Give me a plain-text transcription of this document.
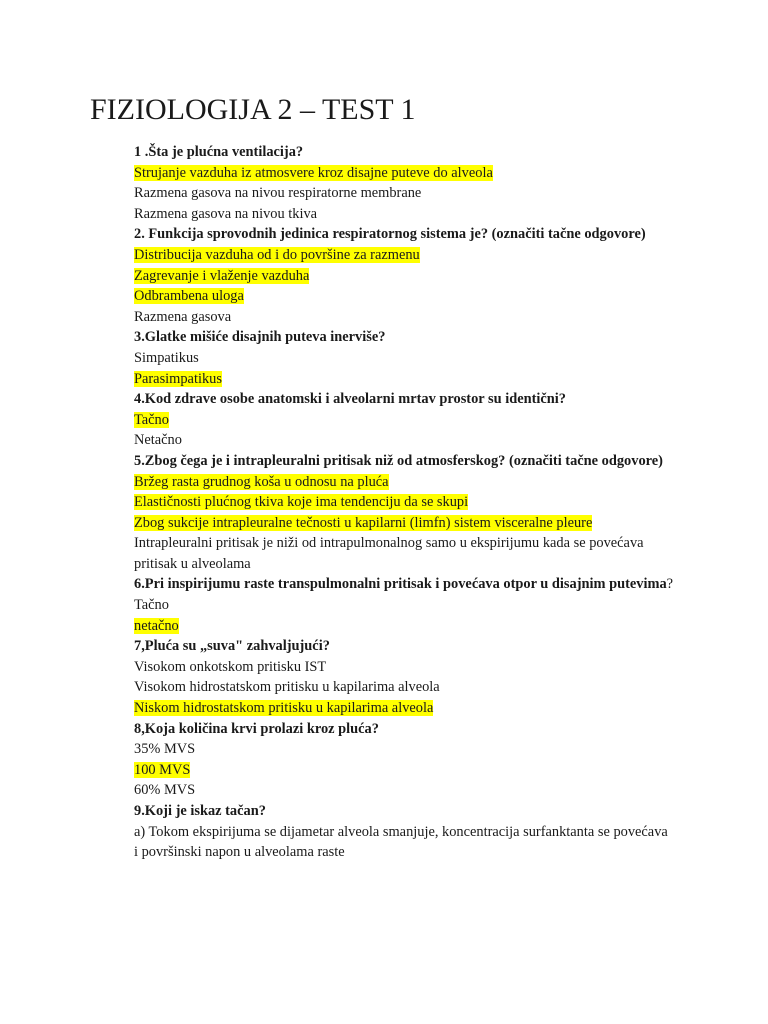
FIZIOLOGIJA 2 – TEST 1

1 .Šta je plućna ventilacija?

Strujanje vazduha iz atmosvere kroz disajne puteve do alveola

Razmena gasova na nivou respiratorne membrane

Razmena gasova na nivou tkiva

2. Funkcija sprovodnih jedinica respiratornog sistema je? (označiti tačne odgovore)

Distribucija vazduha od i do površine za razmenu

Zagrevanje i vlaženje vazduha

Odbrambena uloga

Razmena gasova

3.Glatke mišiće disajnih puteva inerviše?

Simpatikus

Parasimpatikus

4.Kod zdrave osobe anatomski i alveolarni mrtav prostor su identični?

Tačno

Netačno

5.Zbog čega je i intrapleuralni pritisak niž od atmosferskog? (označiti tačne odgovore)

Bržeg rasta grudnog koša u odnosu na pluća

Elastičnosti plućnog tkiva koje ima tendenciju da se skupi

Zbog sukcije intrapleuralne tečnosti u kapilarni (limfn) sistem visceralne pleure

Intrapleuralni pritisak je niži od intrapulmonalnog samo u ekspirijumu kada se povećava pritisak u alveolama

6.Pri inspirijumu raste transpulmonalni pritisak i povećava otpor u disajnim putevima?

Tačno

netačno

7,Pluća su „suva" zahvaljujući?

Visokom onkotskom pritisku IST

Visokom hidrostatskom pritisku u kapilarima alveola

Niskom hidrostatskom pritisku u kapilarima alveola

8,Koja količina krvi prolazi kroz pluća?

35% MVS

100 MVS

60% MVS

9.Koji je iskaz tačan?

a) Tokom ekspirijuma se dijametar alveola smanjuje, koncentracija surfanktanta se povećava i površinski napon u alveolama raste
